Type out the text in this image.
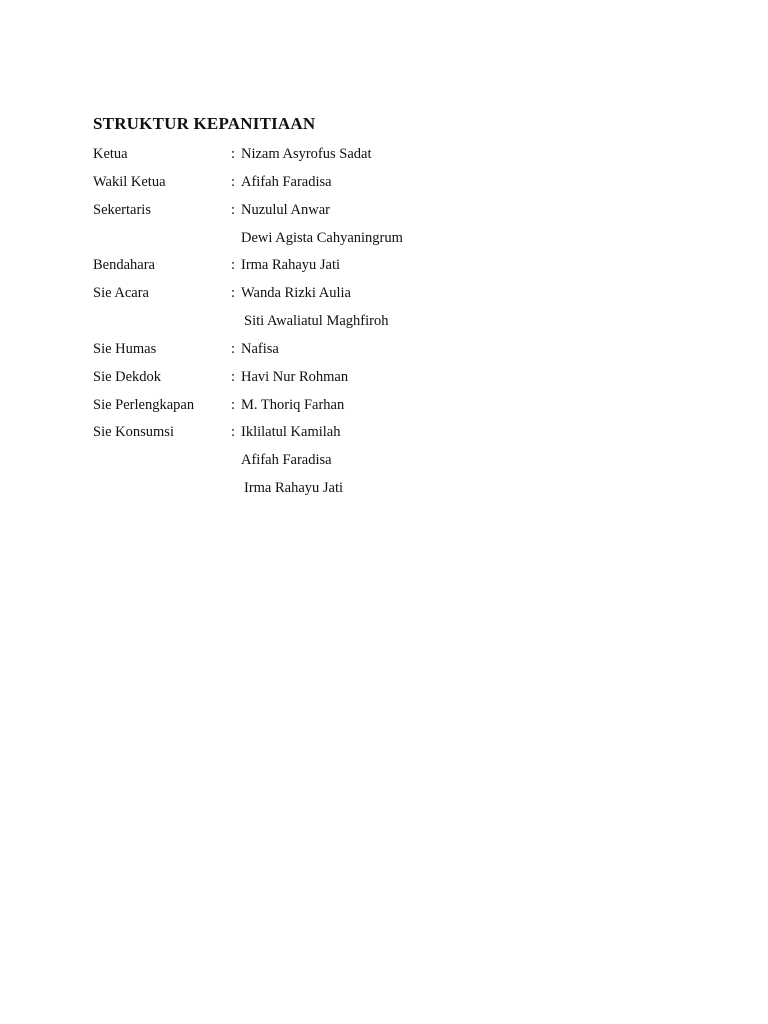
STRUKTUR KEPANITIAAN
Ketua	: Nizam Asyrofus Sadat
Wakil Ketua	: Afifah Faradisa
Sekertaris	: Nuzulul Anwar
Dewi Agista Cahyaningrum
Bendahara	: Irma Rahayu Jati
Sie Acara	: Wanda Rizki Aulia
Siti Awaliatul Maghfiroh
Sie Humas	: Nafisa
Sie Dekdok	: Havi Nur Rohman
Sie Perlengkapan	: M. Thoriq Farhan
Sie Konsumsi	: Iklilatul Kamilah
Afifah Faradisa
Irma Rahayu Jati
